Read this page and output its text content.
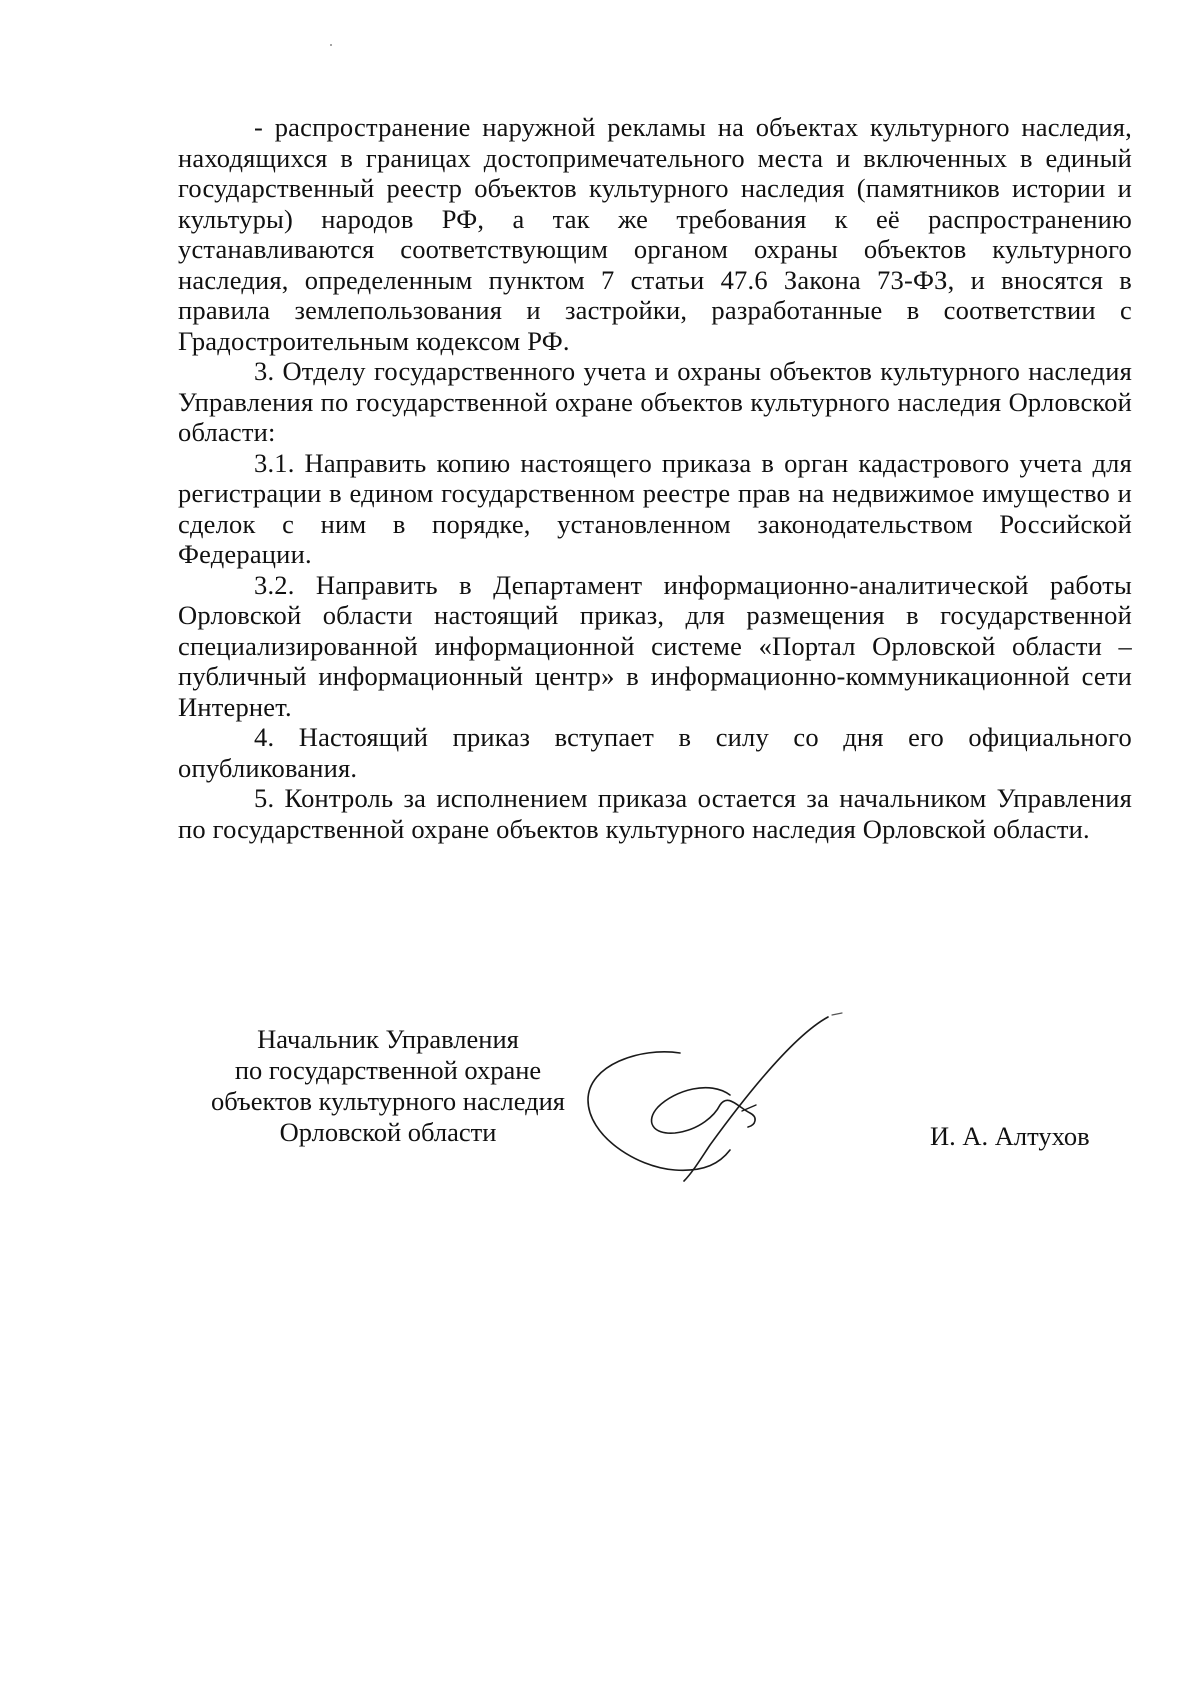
- распространение наружной рекламы на объектах культурного наследия, находящихся в границах достопримечательного места и включенных в единый государственный реестр объектов культурного наследия (памятников истории и культуры) народов РФ, а так же требования к её распространению устанавливаются соответствующим органом охраны объектов культурного наследия, определенным пунктом 7 статьи 47.6 Закона 73-ФЗ, и вносятся в правила землепользования и застройки, разработанные в соответствии с Градостроительным кодексом РФ.

3. Отделу государственного учета и охраны объектов культурного наследия Управления по государственной охране объектов культурного наследия Орловской области:

3.1. Направить копию настоящего приказа в орган кадастрового учета для регистрации в едином государственном реестре прав на недвижимое имущество и сделок с ним в порядке, установленном законодательством Российской Федерации.

3.2. Направить в Департамент информационно-аналитической работы Орловской области настоящий приказ, для размещения в государственной специализированной информационной системе «Портал Орловской области – публичный информационный центр» в информационно-коммуникационной сети Интернет.

4. Настоящий приказ вступает в силу со дня его официального опубликования.

5. Контроль за исполнением приказа остается за начальником Управления по государственной охране объектов культурного наследия Орловской области.

Начальник Управления
по государственной охране
объектов культурного наследия
Орловской области	И. А. Алтухов
